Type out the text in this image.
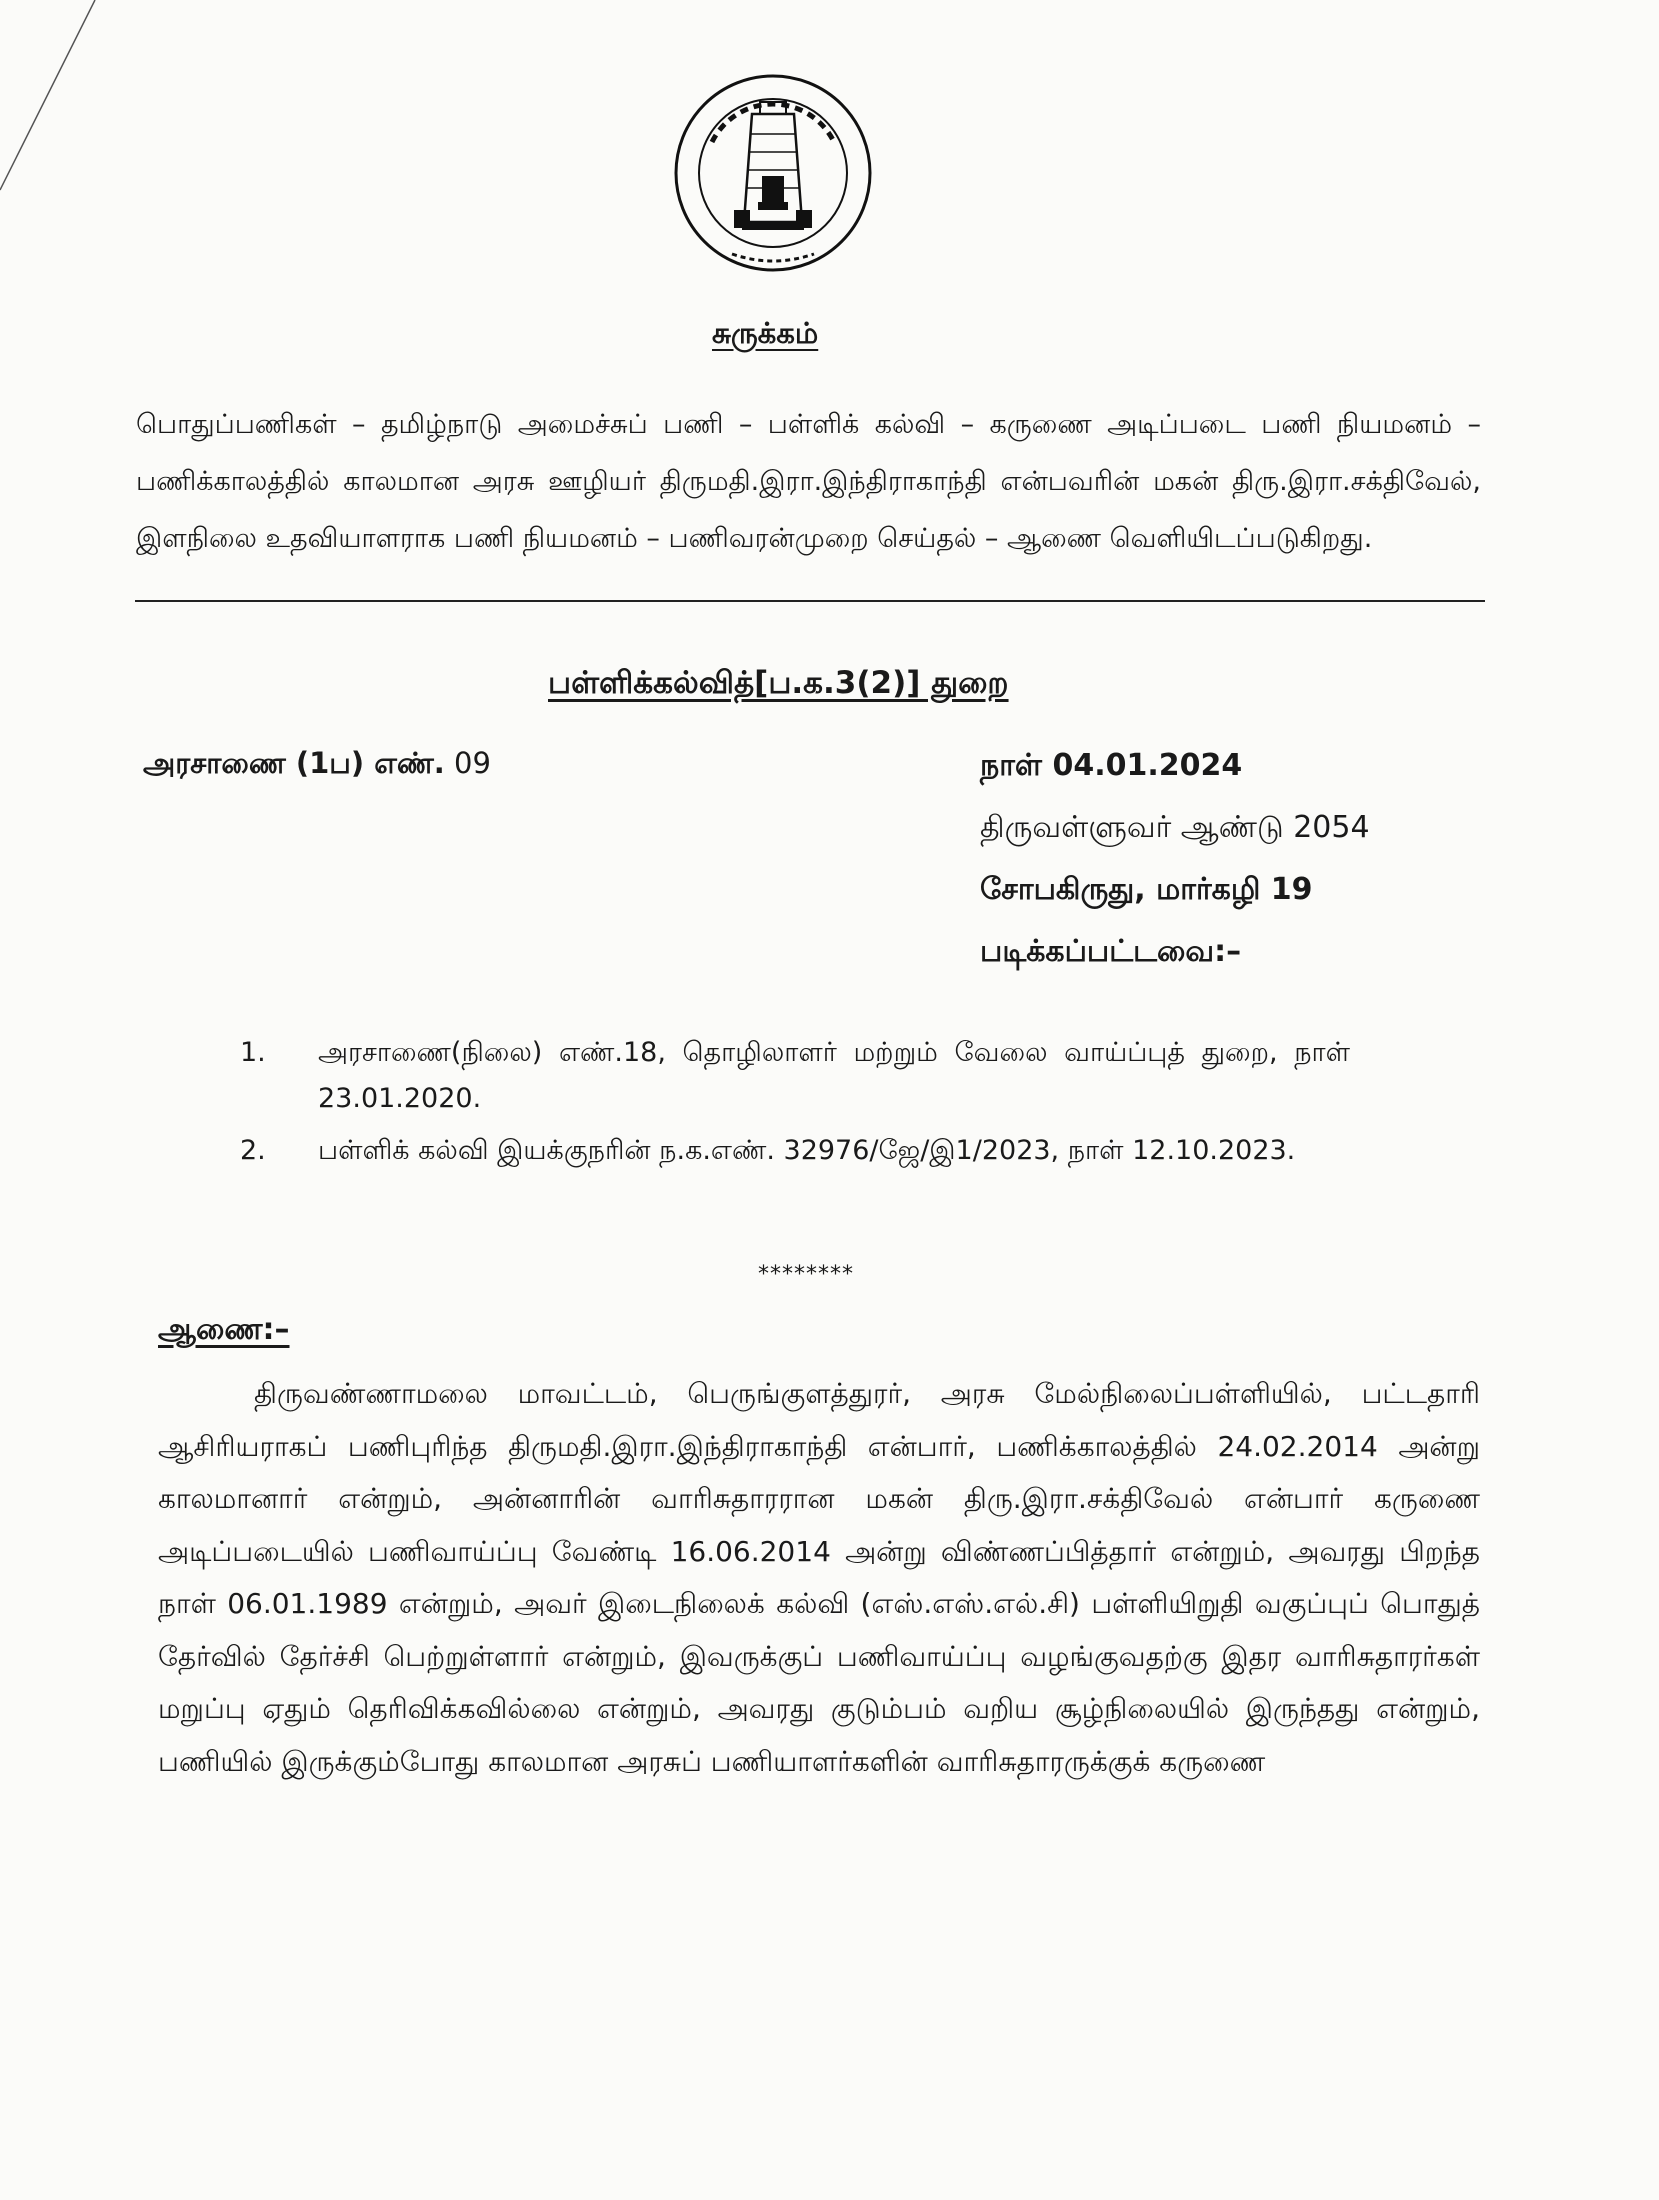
சுருக்கம்
பொதுப்பணிகள் – தமிழ்நாடு அமைச்சுப் பணி – பள்ளிக் கல்வி – கருணை அடிப்படை பணி நியமனம் – பணிக்காலத்தில் காலமான அரசு ஊழியர் திருமதி.இரா.இந்திராகாந்தி என்பவரின் மகன் திரு.இரா.சக்திவேல், இளநிலை உதவியாளராக பணி நியமனம் – பணிவரன்முறை செய்தல் – ஆணை வெளியிடப்படுகிறது.
பள்ளிக்கல்வித்[ப.க.3(2)] துறை
அரசாணை (1ப) எண். 09	நாள் 04.01.2024
திருவள்ளுவர் ஆண்டு 2054
சோபகிருது, மார்கழி 19
படிக்கப்பட்டவை:–
1. அரசாணை(நிலை) எண்.18, தொழிலாளர் மற்றும் வேலை வாய்ப்புத் துறை, நாள் 23.01.2020.
2. பள்ளிக் கல்வி இயக்குநரின் ந.க.எண். 32976/ஜே/இ1/2023, நாள் 12.10.2023.
********
ஆணை:–
திருவண்ணாமலை மாவட்டம், பெருங்குளத்துரர், அரசு மேல்நிலைப்பள்ளியில், பட்டதாரி ஆசிரியராகப் பணிபுரிந்த திருமதி.இரா.இந்திராகாந்தி என்பார், பணிக்காலத்தில் 24.02.2014 அன்று காலமானார் என்றும், அன்னாரின் வாரிசுதாரரான மகன் திரு.இரா.சக்திவேல் என்பார் கருணை அடிப்படையில் பணிவாய்ப்பு வேண்டி 16.06.2014 அன்று விண்ணப்பித்தார் என்றும், அவரது பிறந்த நாள் 06.01.1989 என்றும், அவர் இடைநிலைக் கல்வி (எஸ்.எஸ்.எல்.சி) பள்ளியிறுதி வகுப்புப் பொதுத் தேர்வில் தேர்ச்சி பெற்றுள்ளார் என்றும், இவருக்குப் பணிவாய்ப்பு வழங்குவதற்கு இதர வாரிசுதாரர்கள் மறுப்பு ஏதும் தெரிவிக்கவில்லை என்றும், அவரது குடும்பம் வறிய சூழ்நிலையில் இருந்தது என்றும், பணியில் இருக்கும்போது காலமான அரசுப் பணியாளர்களின் வாரிசுதாரருக்குக் கருணை
